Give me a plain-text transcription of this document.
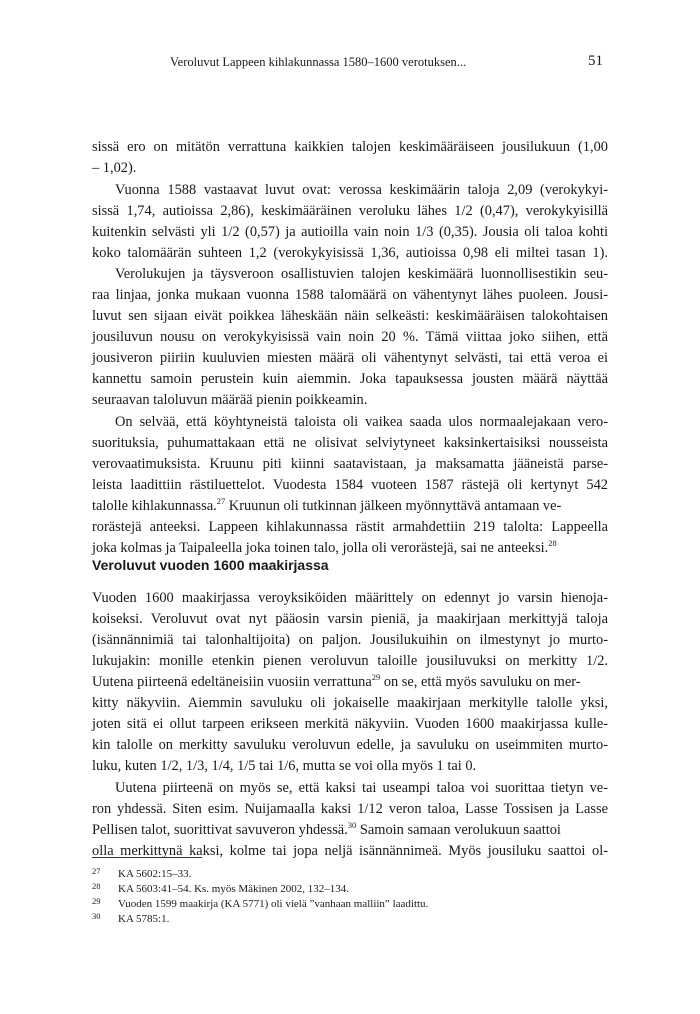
Veroluvut Lappeen kihlakunnassa 1580–1600 verotuksen...	51
sissä ero on mitätön verrattuna kaikkien talojen keskimääräiseen jousilukuun (1,00
– 1,02).
Vuonna 1588 vastaavat luvut ovat: verossa keskimäärin taloja 2,09 (verokykyi-
sissä 1,74, autioissa 2,86), keskimääräinen veroluku lähes 1/2 (0,47), verokykyisillä
kuitenkin selvästi yli 1/2 (0,57) ja autioilla vain noin 1/3 (0,35). Jousia oli taloa kohti
koko talomäärän suhteen 1,2 (verokykyisissä 1,36, autioissa 0,98 eli miltei tasan 1).
Verolukujen ja täysveroon osallistuvien talojen keskimäärä luonnollisestikin seu-
raa linjaa, jonka mukaan vuonna 1588 talomäärä on vähentynyt lähes puoleen. Jousi-
luvut sen sijaan eivät poikkea läheskään näin selkeästi: keskimääräisen talokohtaisen
jousiluvun nousu on verokykyisissä vain noin 20 %. Tämä viittaa joko siihen, että
jousiveron piiriin kuuluvien miesten määrä oli vähentynyt selvästi, tai että veroa ei
kannettu samoin perustein kuin aiemmin. Joka tapauksessa jousten määrä näyttää
seuraavan taloluvun määrää pienin poikkeamin.
On selvää, että köyhtyneistä taloista oli vaikea saada ulos normaalejakaan vero-
suorituksia, puhumattakaan että ne olisivat selviytyneet kaksinkertaisiksi nousseista
verovaatimuksista. Kruunu piti kiinni saatavistaan, ja maksamatta jääneistä parse-
leista laadittiin rästiluettelot. Vuodesta 1584 vuoteen 1587 rästejä oli kertynyt 542
talolle kihlakunnassa.$^{27}$ Kruunun oli tutkinnan jälkeen myönnyttävä antamaan ve-
rorästejä anteeksi. Lappeen kihlakunnassa rästit armahdettiin 219 talolta: Lappeella
joka kolmas ja Taipaleella joka toinen talo, jolla oli verorästejä, sai ne anteeksi.$^{28}$
Veroluvut vuoden 1600 maakirjassa
Vuoden 1600 maakirjassa veroyksiköiden määrittely on edennyt jo varsin hienoja-
koiseksi. Veroluvut ovat nyt pääosin varsin pieniä, ja maakirjaan merkittyjä taloja
(isännännimiä tai talonhaltijoita) on paljon. Jousilukuihin on ilmestynyt jo murto-
lukujakin: monille etenkin pienen veroluvun taloille jousiluvuksi on merkitty 1/2.
Uutena piirteenä edeltäneisiin vuosiin verrattuna$^{29}$ on se, että myös savuluku on mer-
kitty näkyviin. Aiemmin savuluku oli jokaiselle maakirjaan merkitylle talolle yksi,
joten sitä ei ollut tarpeen erikseen merkitä näkyviin. Vuoden 1600 maakirjassa kulle-
kin talolle on merkitty savuluku veroluvun edelle, ja savuluku on useimmiten murto-
luku, kuten 1/2, 1/3, 1/4, 1/5 tai 1/6, mutta se voi olla myös 1 tai 0.
Uutena piirteenä on myös se, että kaksi tai useampi taloa voi suorittaa tietyn ve-
ron yhdessä. Siten esim. Nuijamaalla kaksi 1/12 veron taloa, Lasse Tossisen ja Lasse
Pellisen talot, suorittivat savuveron yhdessä.$^{30}$ Samoin samaan verolukuun saattoi
olla merkittynä kaksi, kolme tai jopa neljä isännännimeä. Myös jousiluku saattoi ol-
27 KA 5602:15–33.
28 KA 5603:41–54. Ks. myös Mäkinen 2002, 132–134.
29 Vuoden 1599 maakirja (KA 5771) oli vielä ”vanhaan malliin” laadittu.
30 KA 5785:1.
